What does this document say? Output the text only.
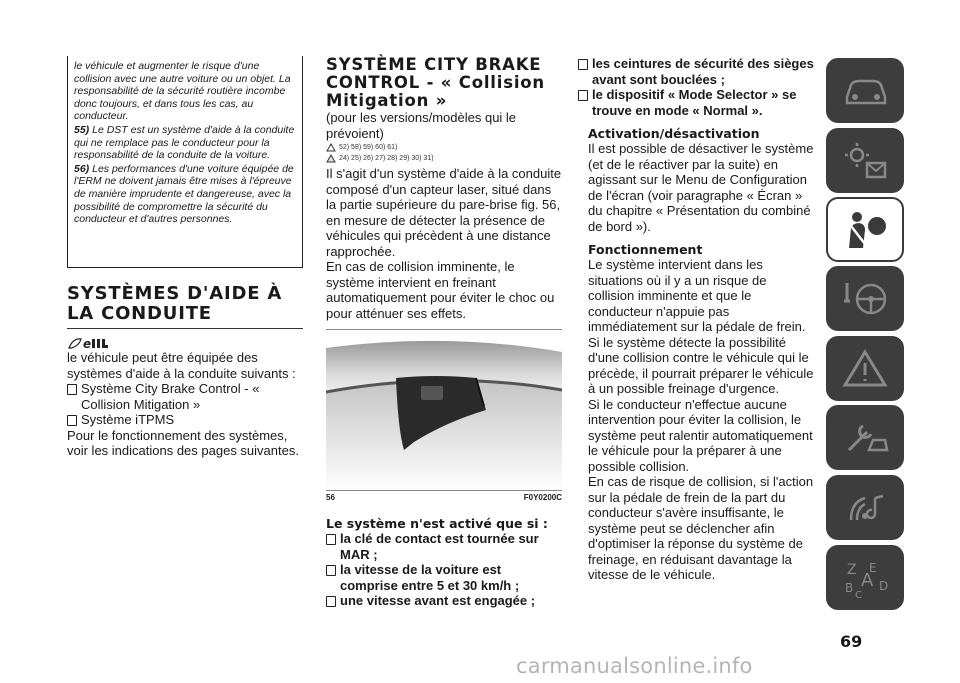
le véhicule et augmenter le risque d'une collision avec une autre voiture ou un objet. La responsabilité de la sécurité routière incombe donc toujours, et dans tous les cas, au conducteur.

55) Le DST est un système d'aide à la conduite qui ne remplace pas le conducteur pour la responsabilité de la conduite de la voiture.

56) Les performances d'une voiture équipée de l'ERM ne doivent jamais être mises à l'épreuve de manière imprudente et dangereuse, avec la possibilité de compromettre la sécurité du conducteur et d'autres personnes.

SYSTÈMES D'AIDE À
LA CONDUITE
e

le véhicule peut être équipée des systèmes d'aide à la conduite suivants :

Système City Brake Control - « Collision Mitigation »
Système iTPMS

Pour le fonctionnement des systèmes, voir les indications des pages suivantes.

SYSTÈME CITY BRAKE
CONTROL - « Collision
Mitigation »

(pour les versions/modèles qui le prévoient)

52) 58) 59) 60) 61)
24) 25) 26) 27) 28) 29) 30) 31)

Il s'agit d'un système d'aide à la conduite composé d'un capteur laser, situé dans la partie supérieure du pare-brise fig. 56, en mesure de détecter la présence de véhicules qui précèdent à une distance rapprochée.

En cas de collision imminente, le système intervient en freinant automatiquement pour éviter le choc ou pour atténuer ses effets.

56	F0Y0200C

Le système n'est activé que si :

la clé de contact est tournée sur MAR ;
la vitesse de la voiture est comprise entre 5 et 30 km/h ;
une vitesse avant est engagée ;
les ceintures de sécurité des sièges avant sont bouclées ;
le dispositif « Mode Selector » se trouve en mode « Normal ».

Activation/désactivation

Il est possible de désactiver le système (et de le réactiver par la suite) en agissant sur le Menu de Configuration de l'écran (voir paragraphe « Écran » du chapitre « Présentation du combiné de bord »).

Fonctionnement

Le système intervient dans les situations où il y a un risque de collision imminente et que le conducteur n'appuie pas immédiatement sur la pédale de frein.

Si le système détecte la possibilité d'une collision contre le véhicule qui le précède, il pourrait préparer le véhicule à un possible freinage d'urgence.

Si le conducteur n'effectue aucune intervention pour éviter la collision, le système peut ralentir automatiquement le véhicule pour la préparer à une possible collision.

En cas de risque de collision, si l'action sur la pédale de frein de la part du conducteur s'avère insuffisante, le système peut se déclencher afin d'optimiser la réponse du système de freinage, en réduisant davantage la vitesse de le véhicule.	Z E
A
B D
C
69
carmanualsonline.info
